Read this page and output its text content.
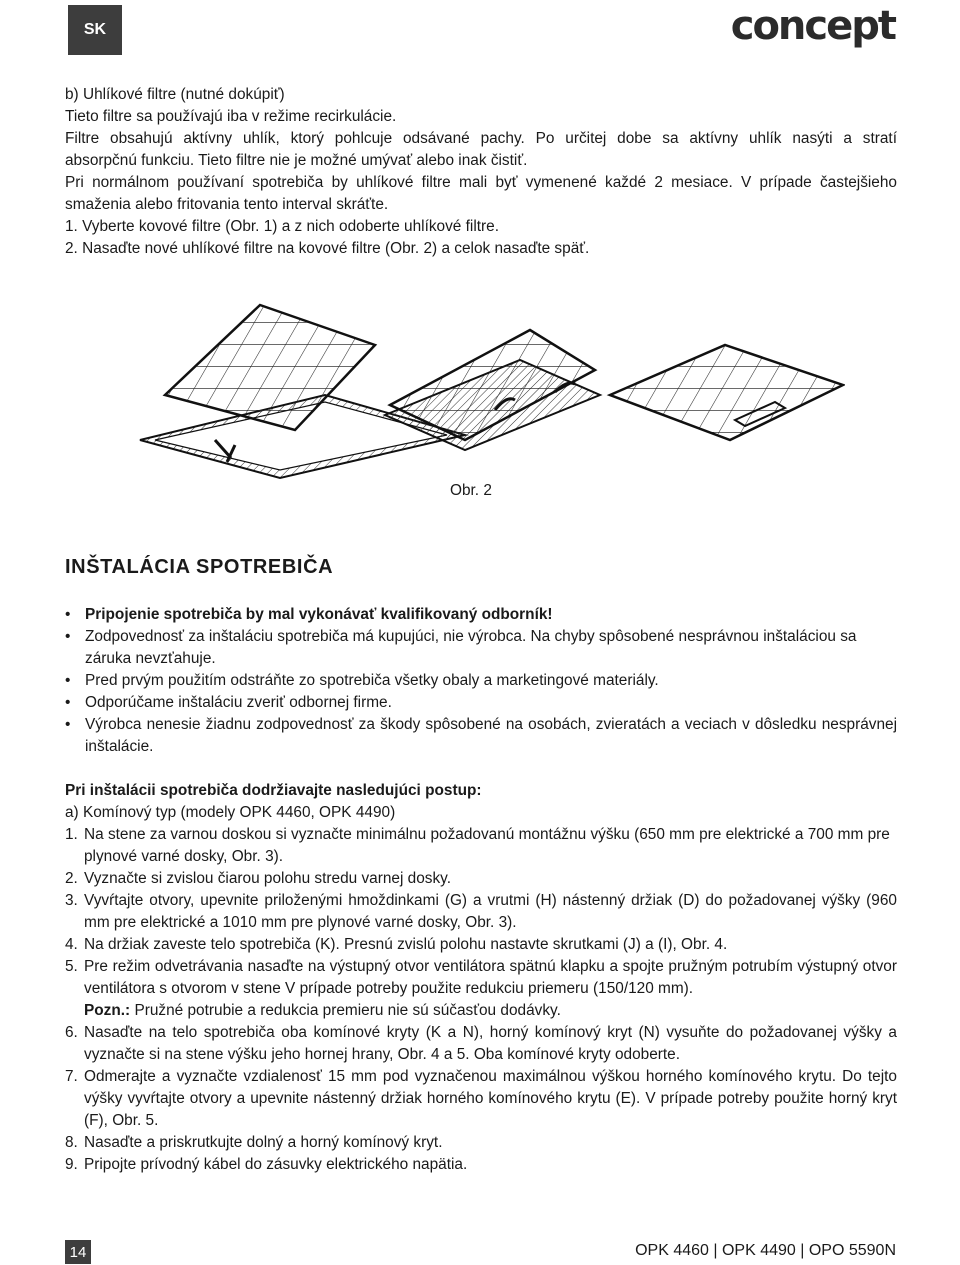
SK	concept

b) Uhlíkové filtre (nutné dokúpiť)

Tieto filtre sa používajú iba v režime recirkulácie.

Filtre obsahujú aktívny uhlík, ktorý pohlcuje odsávané pachy. Po určitej dobe sa aktívny uhlík nasýti a stratí

absorpčnú funkciu. Tieto filtre nie je možné umývať alebo inak čistiť.

Pri normálnom používaní spotrebiča by uhlíkové filtre mali byť vymenené každé 2 mesiace. V prípade častejšieho

smaženia alebo fritovania tento interval skráťte.

1. Vyberte kovové filtre (Obr. 1) a z nich odoberte uhlíkové filtre.

2. Nasaďte nové uhlíkové filtre na kovové filtre (Obr. 2) a celok nasaďte späť.

Obr. 2
INŠTALÁCIA SPOTREBIČA
• Pripojenie spotrebiča by mal vykonávať kvalifikovaný odborník!
• Zodpovednosť za inštaláciu spotrebiča má kupujúci, nie výrobca. Na chyby spôsobené nesprávnou inštaláciou sa záruka nevzťahuje.
• Pred prvým použitím odstráňte zo spotrebiča všetky obaly a marketingové materiály.
• Odporúčame inštaláciu zveriť odbornej firme.
• Výrobca nenesie žiadnu zodpovednosť za škody spôsobené na osobách, zvieratách a veciach v dôsledku nesprávnej inštalácie.

Pri inštalácii spotrebiča dodržiavajte nasledujúci postup:

a) Komínový typ (modely OPK 4460, OPK 4490)

1. Na stene za varnou doskou si vyznačte minimálnu požadovanú montážnu výšku (650 mm pre elektrické a 700 mm pre plynové varné dosky, Obr. 3).
2. Vyznačte si zvislou čiarou polohu stredu varnej dosky.
3. Vyvŕtajte otvory, upevnite priloženými hmoždinkami (G) a vrutmi (H) nástenný držiak (D) do požadovanej výšky (960 mm pre elektrické a 1010 mm pre plynové varné dosky, Obr. 3).
4. Na držiak zaveste telo spotrebiča (K). Presnú zvislú polohu nastavte skrutkami (J) a (I), Obr. 4.
5. Pre režim odvetrávania nasaďte na výstupný otvor ventilátora spätnú klapku a spojte pružným potrubím výstupný otvor ventilátora s otvorom v stene V prípade potreby použite redukciu priemeru (150/120 mm).
Pozn.: Pružné potrubie a redukcia premieru nie sú súčasťou dodávky.
6. Nasaďte na telo spotrebiča oba komínové kryty (K a N), horný komínový kryt (N) vysuňte do požadovanej výšky a vyznačte si na stene výšku jeho hornej hrany, Obr. 4 a 5. Oba komínové kryty odoberte.
7. Odmerajte a vyznačte vzdialenosť 15 mm pod vyznačenou maximálnou výškou horného komínového krytu. Do tejto výšky vyvŕtajte otvory a upevnite nástenný držiak horného komínového krytu (E). V prípade potreby použite horný kryt (F), Obr. 5.
8. Nasaďte a priskrutkujte dolný a horný komínový kryt.
9. Pripojte prívodný kábel do zásuvky elektrického napätia.
14	OPK 4460 | OPK 4490 | OPO 5590N
